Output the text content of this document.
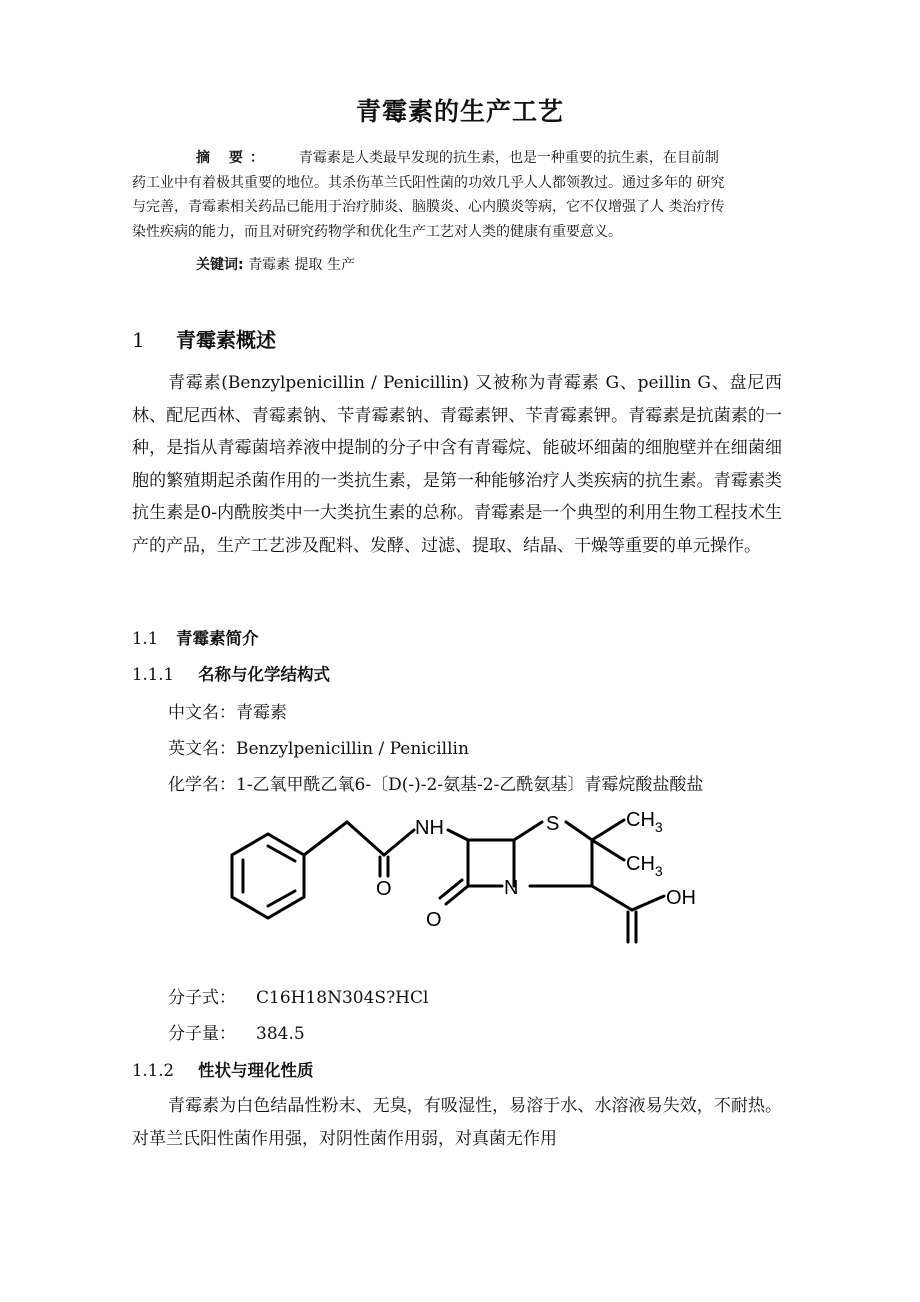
青霉素的生产工艺
摘 要： 青霉素是人类最早发现的抗生素，也是一种重要的抗生素，在目前制
药工业中有着极其重要的地位。其杀伤革兰氏阳性菌的功效几乎人人都领教过。通过多年的 研究
与完善，青霉素相关药品已能用于治疗肺炎、脑膜炎、心内膜炎等病，它不仅增强了人 类治疗传
染性疾病的能力，而且对研究药物学和优化生产工艺对人类的健康有重要意义。
关键词: 青霉素 提取 生产
1 青霉素概述
青霉素(Benzylpenicillin / Penicillin) 又被称为青霉素 G、peillin G、盘尼西林、配尼西林、青霉素钠、苄青霉素钠、青霉素钾、苄青霉素钾。青霉素是抗菌素的一种，是指从青霉菌培养液中提制的分子中含有青霉烷、能破坏细菌的细胞壁并在细菌细胞的繁殖期起杀菌作用的一类抗生素，是第一种能够治疗人类疾病的抗生素。青霉素类抗生素是0-内酰胺类中一大类抗生素的总称。青霉素是一个典型的利用生物工程技术生产的产品，生产工艺涉及配料、发酵、过滤、提取、结晶、干燥等重要的单元操作。
1.1 青霉素简介
1.1.1 名称与化学结构式
中文名：青霉素
英文名：Benzylpenicillin / Penicillin
化学名：1-乙氧甲酰乙氧6-〔D(-)-2-氨基-2-乙酰氨基〕青霉烷酸盐酸盐
NH	S	$CH_3$
$CH_3$
O
O
N	OH
分子式： C16H18N304S?HCl
分子量： 384.5
1.1.2 性状与理化性质
青霉素为白色结晶性粉末、无臭，有吸湿性，易溶于水、水溶液易失效，不耐热。对革兰氏阳性菌作用强，对阴性菌作用弱，对真菌无作用
